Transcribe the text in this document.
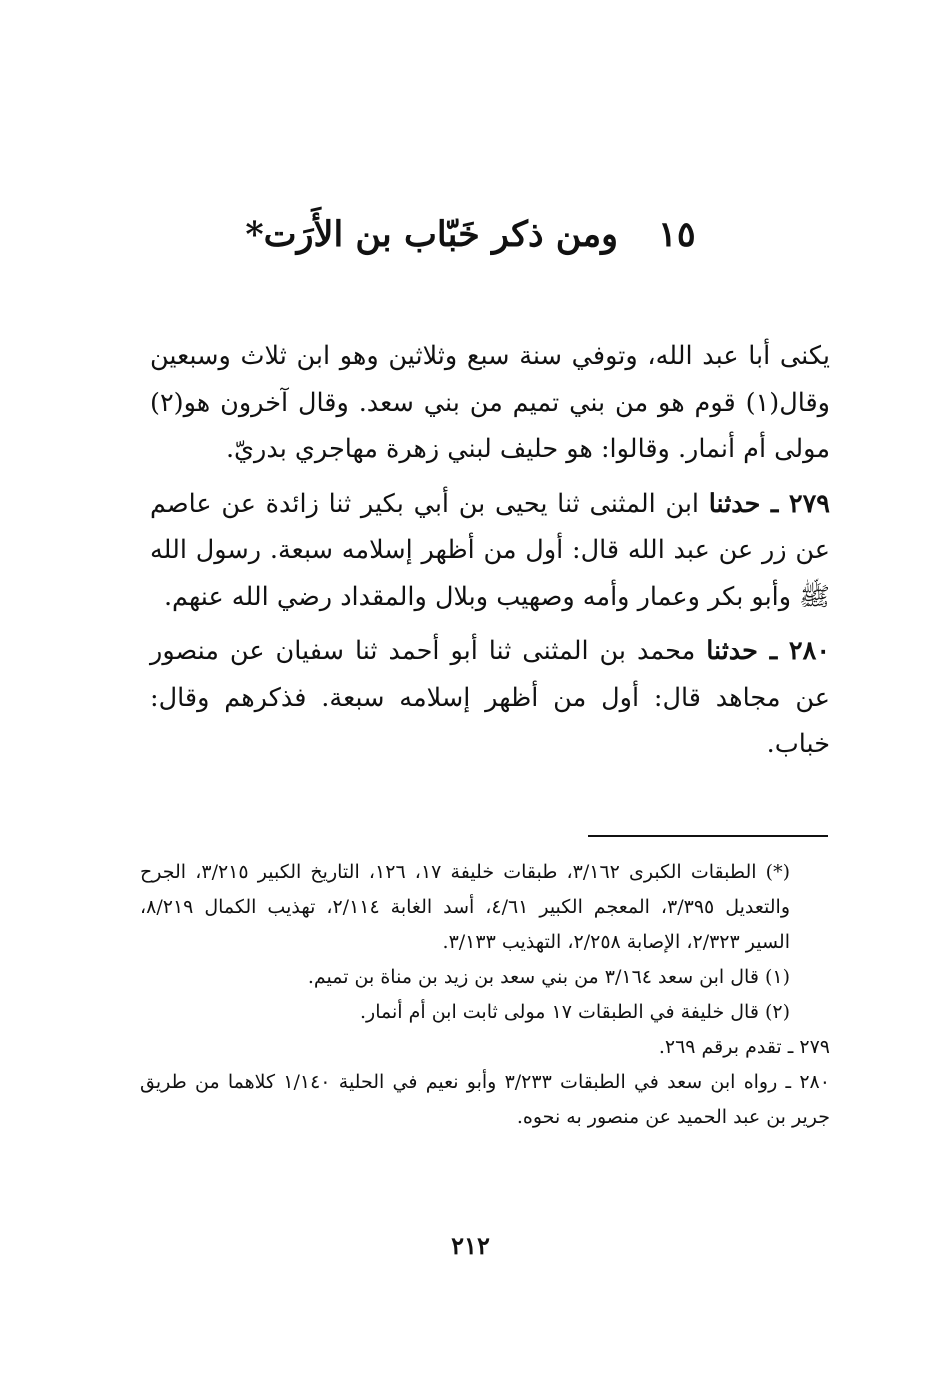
١٥ومن ذكر خَبّاب بن الأَرَت*

يكنى أبا عبد الله، وتوفي سنة سبع وثلاثين وهو ابن ثلاث وسبعين وقال(١) قوم هو من بني تميم من بني سعد. وقال آخرون هو(٢) مولى أم أنمار. وقالوا: هو حليف لبني زهرة مهاجري بدريّ.

٢٧٩ ـ حدثنا ابن المثنى ثنا يحيى بن أبي بكير ثنا زائدة عن عاصم عن زر عن عبد الله قال: أول من أظهر إسلامه سبعة. رسول الله ﷺ وأبو بكر وعمار وأمه وصهيب وبلال والمقداد رضي الله عنهم.

٢٨٠ ـ حدثنا محمد بن المثنى ثنا أبو أحمد ثنا سفيان عن منصور عن مجاهد قال: أول من أظهر إسلامه سبعة. فذكرهم وقال: خباب.

(*) الطبقات الكبرى ٣/١٦٢، طبقات خليفة ١٧، ١٢٦، التاريخ الكبير ٣/٢١٥، الجرح والتعديل ٣/٣٩٥، المعجم الكبير ٤/٦١، أسد الغابة ٢/١١٤، تهذيب الكمال ٨/٢١٩، السير ٢/٣٢٣، الإصابة ٢/٢٥٨، التهذيب ٣/١٣٣.

(١) قال ابن سعد ٣/١٦٤ من بني سعد بن زيد بن مناة بن تميم.

(٢) قال خليفة في الطبقات ١٧ مولى ثابت ابن أم أنمار.

٢٧٩ ـ تقدم برقم ٢٦٩.

٢٨٠ ـ رواه ابن سعد في الطبقات ٣/٢٣٣ وأبو نعيم في الحلية ١/١٤٠ كلاهما من طريق جرير بن عبد الحميد عن منصور به نحوه.

٢١٢
